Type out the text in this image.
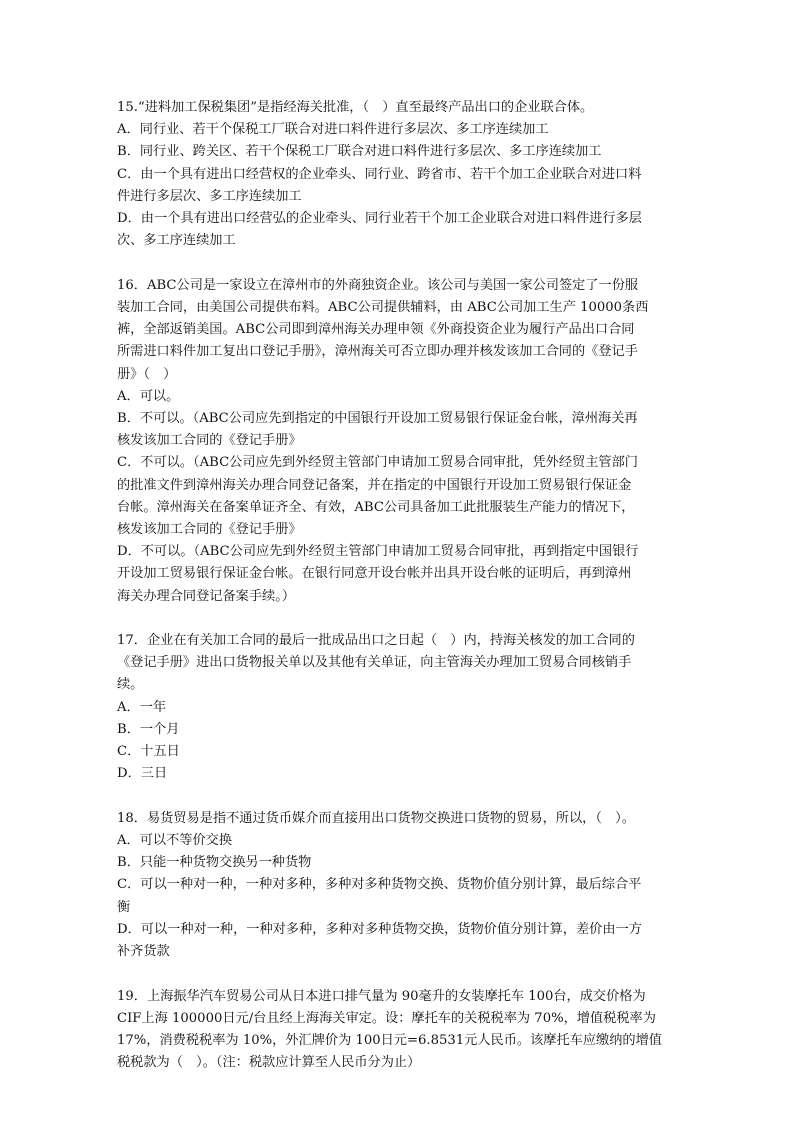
15.“进料加工保税集团”是指经海关批准，（　）直至最终产品出口的企业联合体。
A．同行业、若干个保税工厂联合对进口料件进行多层次、多工序连续加工
B．同行业、跨关区、若干个保税工厂联合对进口料件进行多层次、多工序连续加工
C．由一个具有进出口经营权的企业牵头、同行业、跨省市、若干个加工企业联合对进口料
件进行多层次、多工序连续加工
D．由一个具有进出口经营弘的企业牵头、同行业若干个加工企业联合对进口料件进行多层
次、多工序连续加工
16．ABC公司是一家设立在漳州市的外商独资企业。该公司与美国一家公司签定了一份服
装加工合同，由美国公司提供布料。ABC公司提供辅料，由 ABC公司加工生产 10000条西
裤，全部返销美国。ABC公司即到漳州海关办理申领《外商投资企业为履行产品出口合同
所需进口料件加工复出口登记手册》，漳州海关可否立即办理并核发该加工合同的《登记手
册》（　）
A．可以。
B．不可以。（ABC公司应先到指定的中国银行开设加工贸易银行保证金台帐，漳州海关再
核发该加工合同的《登记手册》
C．不可以。（ABC公司应先到外经贸主管部门申请加工贸易合同审批，凭外经贸主管部门
的批准文件到漳州海关办理合同登记备案，并在指定的中国银行开设加工贸易银行保证金
台帐。漳州海关在备案单证齐全、有效，ABC公司具备加工此批服装生产能力的情况下，
核发该加工合同的《登记手册》
D．不可以。（ABC公司应先到外经贸主管部门申请加工贸易合同审批，再到指定中国银行
开设加工贸易银行保证金台帐。在银行同意开设台帐并出具开设台帐的证明后，再到漳州
海关办理合同登记备案手续。）
17．企业在有关加工合同的最后一批成品出口之日起（　）内，持海关核发的加工合同的
《登记手册》进出口货物报关单以及其他有关单证，向主管海关办理加工贸易合同核销手
续。
A．一年
B．一个月
C．十五日
D．三日
18．易货贸易是指不通过货币媒介而直接用出口货物交换进口货物的贸易，所以，（　）。
A．可以不等价交换
B．只能一种货物交换另一种货物
C．可以一种对一种，一种对多种，多种对多种货物交换、货物价值分别计算，最后综合平
衡
D．可以一种对一种，一种对多种，多种对多种货物交换，货物价值分别计算，差价由一方
补齐货款
19．上海振华汽车贸易公司从日本进口排气量为 90毫升的女装摩托车 100台，成交价格为
CIF上海 100000日元/台且经上海海关审定。设：摩托车的关税税率为 70%，增值税税率为
17%，消费税税率为 10%，外汇牌价为 100日元=6.8531元人民币。该摩托车应缴纳的增值
税税款为（　）。（注：税款应计算至人民币分为止）
